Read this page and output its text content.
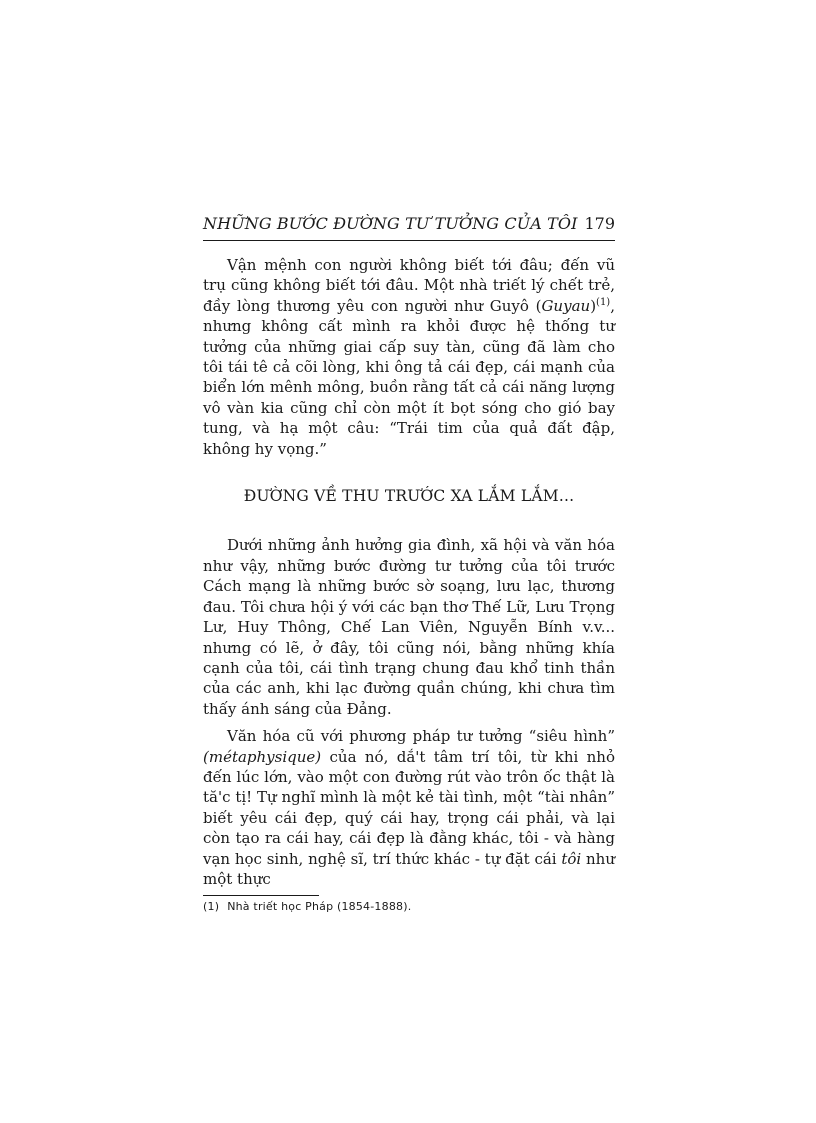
NHỮNG BƯỚC ĐƯỜNG TƯ TƯỞNG CỦA TÔI 179

Vận mệnh con người không biết tới đâu; đến vũ trụ cũng không biết tới đâu. Một nhà triết lý chết trẻ, đầy lòng thương yêu con người như Guyô (Guyau)$^{(1)}$, nhưng không cất mình ra khỏi được hệ thống tư tưởng của những giai cấp suy tàn, cũng đã làm cho tôi tái tê cả cõi lòng, khi ông tả cái đẹp, cái mạnh của biển lớn mênh mông, buồn rằng tất cả cái năng lượng vô vàn kia cũng chỉ còn một ít bọt sóng cho gió bay tung, và hạ một câu: “Trái tim của quả đất đập, không hy vọng.”

ĐƯỜNG VỀ THU TRƯỚC XA LẮM LẮM...

Dưới những ảnh hưởng gia đình, xã hội và văn hóa như vậy, những bước đường tư tưởng của tôi trước Cách mạng là những bước sờ soạng, lưu lạc, thương đau. Tôi chưa hội ý với các bạn thơ Thế Lữ, Lưu Trọng Lư, Huy Thông, Chế Lan Viên, Nguyễn Bính v.v... nhưng có lẽ, ở đây, tôi cũng nói, bằng những khía cạnh của tôi, cái tình trạng chung đau khổ tinh thần của các anh, khi lạc đường quần chúng, khi chưa tìm thấy ánh sáng của Đảng.

Văn hóa cũ với phương pháp tư tưởng “siêu hình” (métaphysique) của nó, dắ't tâm trí tôi, từ khi nhỏ đến lúc lớn, vào một con đường rút vào trôn ốc thật là tă'c tị! Tự nghĩ mình là một kẻ tài tình, một “tài nhân” biết yêu cái đẹp, quý cái hay, trọng cái phải, và lại còn tạo ra cái hay, cái đẹp là đằng khác, tôi - và hàng vạn học sinh, nghệ sĩ, trí thức khác - tự đặt cái tôi như một thực

(1) Nhà triết học Pháp (1854-1888).
